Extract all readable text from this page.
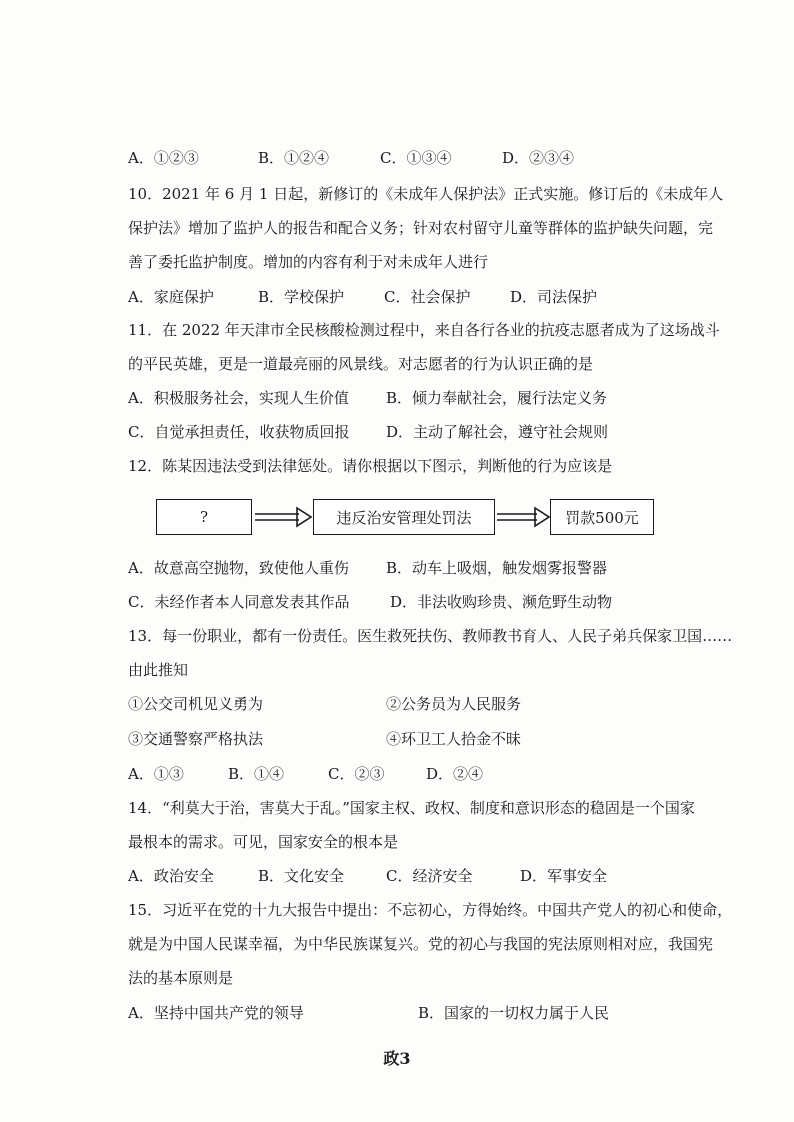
A．①②③	B．①②④	C．①③④	D．②③④
10．2021 年 6 月 1 日起，新修订的《未成年人保护法》正式实施。修订后的《未成年人
保护法》增加了监护人的报告和配合义务；针对农村留守儿童等群体的监护缺失问题，完
善了委托监护制度。增加的内容有利于对未成年人进行
A．家庭保护	B．学校保护	C．社会保护	D．司法保护
11．在 2022 年天津市全民核酸检测过程中，来自各行各业的抗疫志愿者成为了这场战斗
的平民英雄，更是一道最亮丽的风景线。对志愿者的行为认识正确的是
A．积极服务社会，实现人生价值 B．倾力奉献社会，履行法定义务
C．自觉承担责任，收获物质回报 D．主动了解社会，遵守社会规则
12．陈某因违法受到法律惩处。请你根据以下图示，判断他的行为应该是
?	违反治安管理处罚法	罚款500元
A．故意高空抛物，致使他人重伤 B．动车上吸烟，触发烟雾报警器
C．未经作者本人同意发表其作品	D．非法收购珍贵、濒危野生动物
13．每一份职业，都有一份责任。医生救死扶伤、教师教书育人、人民子弟兵保家卫国……
由此推知
①公交司机见义勇为	②公务员为人民服务
③交通警察严格执法	④环卫工人拾金不昧
A．①③	B．①④	C．②③	D．②④
14．“利莫大于治，害莫大于乱。”国家主权、政权、制度和意识形态的稳固是一个国家
最根本的需求。可见，国家安全的根本是
A．政治安全	B．文化安全	C．经济安全	D．军事安全
15．习近平在党的十九大报告中提出：不忘初心，方得始终。中国共产党人的初心和使命，
就是为中国人民谋幸福，为中华民族谋复兴。党的初心与我国的宪法原则相对应，我国宪
法的基本原则是
A．坚持中国共产党的领导	B．国家的一切权力属于人民
政3
